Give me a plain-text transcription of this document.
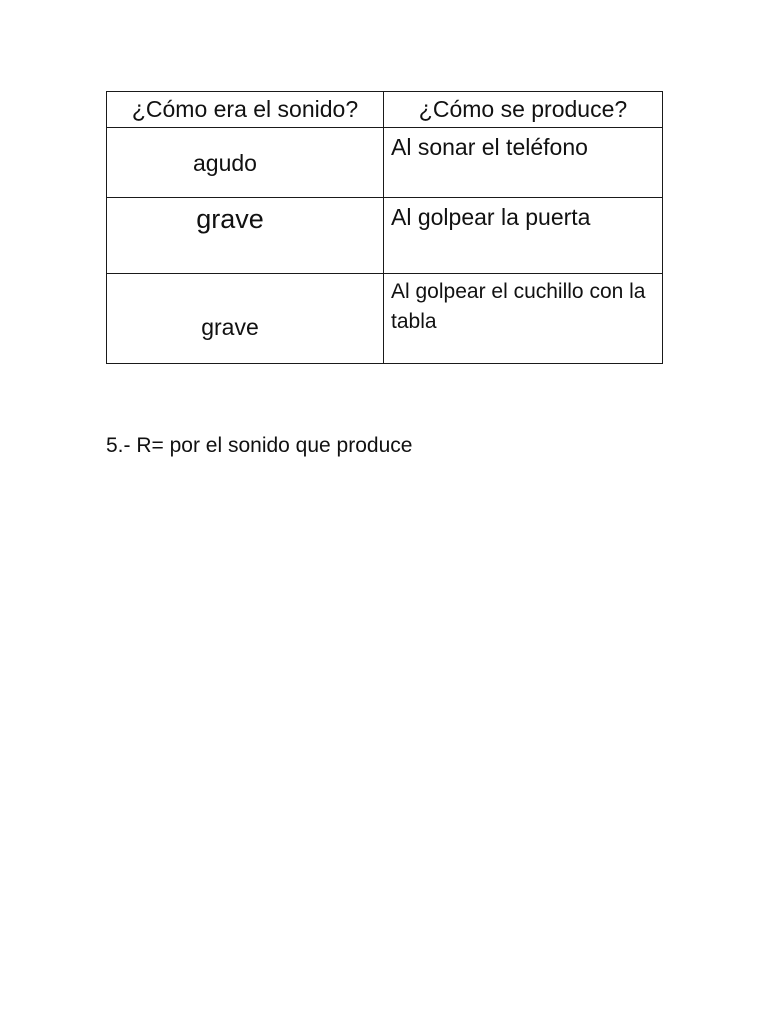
¿Cómo era el sonido?	¿Cómo se produce?

agudo	Al sonar el teléfono

grave	Al golpear la puerta

grave	Al golpear el cuchillo con la tabla
5.- R= por el sonido que produce
